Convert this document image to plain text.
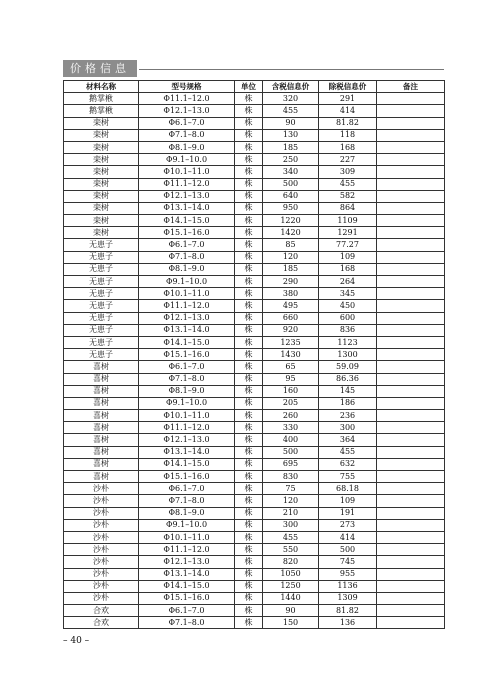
价格信息
材料名称	型号规格	单位	含税信息价	除税信息价	备注
鹅掌楸	Φ11.1–12.0	株	320	291	
鹅掌楸	Φ12.1–13.0	株	455	414	
栾树	Φ6.1–7.0	株	90	81.82	
栾树	Φ7.1–8.0	株	130	118	
栾树	Φ8.1–9.0	株	185	168	
栾树	Φ9.1–10.0	株	250	227	
栾树	Φ10.1–11.0	株	340	309	
栾树	Φ11.1–12.0	株	500	455	
栾树	Φ12.1–13.0	株	640	582	
栾树	Φ13.1–14.0	株	950	864	
栾树	Φ14.1–15.0	株	1220	1109	
栾树	Φ15.1–16.0	株	1420	1291	
无患子	Φ6.1–7.0	株	85	77.27	
无患子	Φ7.1–8.0	株	120	109	
无患子	Φ8.1–9.0	株	185	168	
无患子	Φ9.1–10.0	株	290	264	
无患子	Φ10.1–11.0	株	380	345	
无患子	Φ11.1–12.0	株	495	450	
无患子	Φ12.1–13.0	株	660	600	
无患子	Φ13.1–14.0	株	920	836	
无患子	Φ14.1–15.0	株	1235	1123	
无患子	Φ15.1–16.0	株	1430	1300	
喜树	Φ6.1–7.0	株	65	59.09	
喜树	Φ7.1–8.0	株	95	86.36	
喜树	Φ8.1–9.0	株	160	145	
喜树	Φ9.1–10.0	株	205	186	
喜树	Φ10.1–11.0	株	260	236	
喜树	Φ11.1–12.0	株	330	300	
喜树	Φ12.1–13.0	株	400	364	
喜树	Φ13.1–14.0	株	500	455	
喜树	Φ14.1–15.0	株	695	632	
喜树	Φ15.1–16.0	株	830	755	
沙朴	Φ6.1–7.0	株	75	68.18	
沙朴	Φ7.1–8.0	株	120	109	
沙朴	Φ8.1–9.0	株	210	191	
沙朴	Φ9.1–10.0	株	300	273	
沙朴	Φ10.1–11.0	株	455	414	
沙朴	Φ11.1–12.0	株	550	500	
沙朴	Φ12.1–13.0	株	820	745	
沙朴	Φ13.1–14.0	株	1050	955	
沙朴	Φ14.1–15.0	株	1250	1136	
沙朴	Φ15.1–16.0	株	1440	1309	
合欢	Φ6.1–7.0	株	90	81.82	
合欢	Φ7.1–8.0	株	150	136	
– 40 –
